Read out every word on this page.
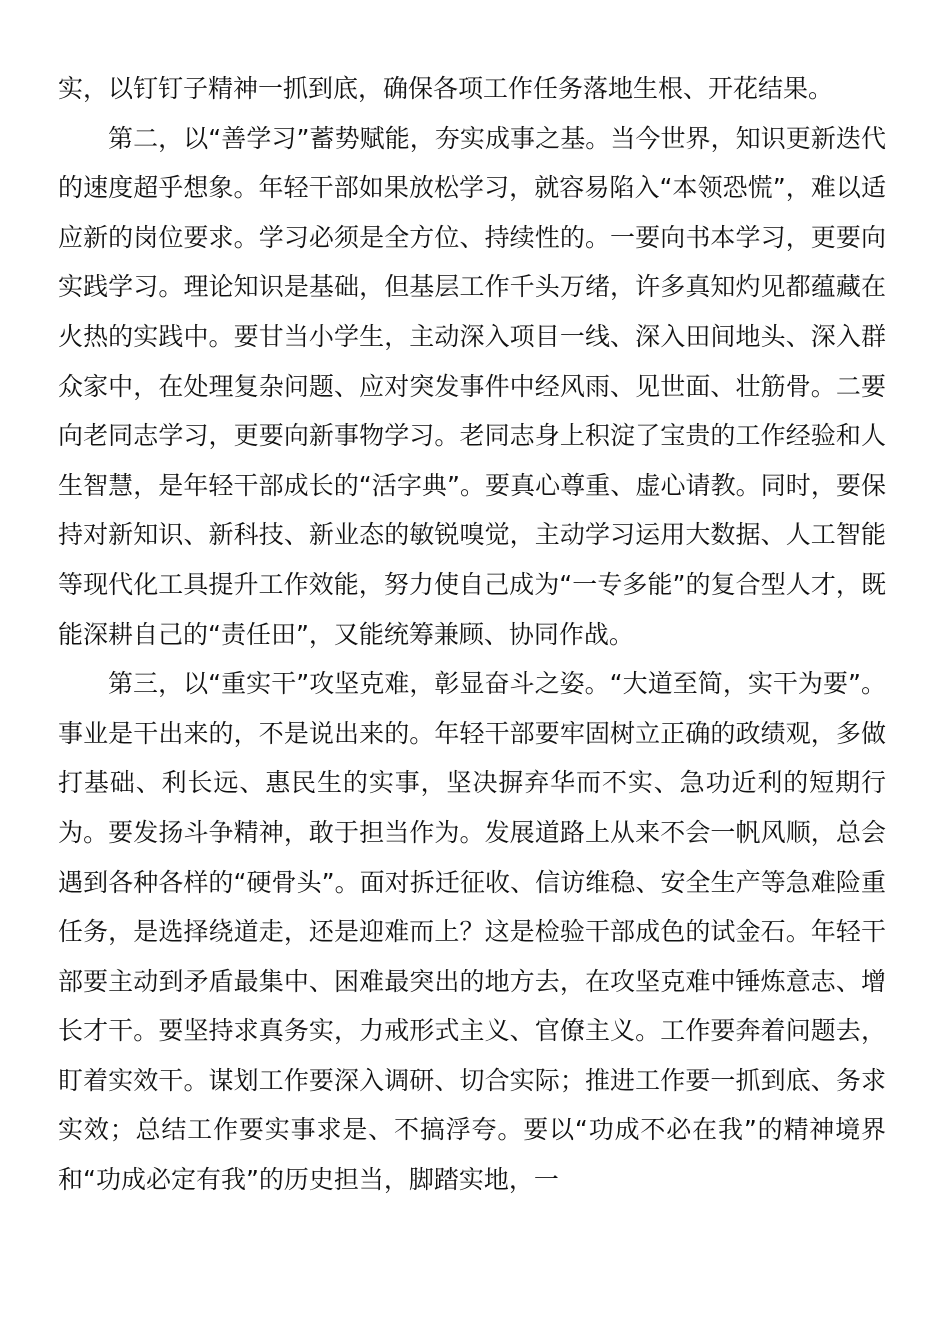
实，以钉钉子精神一抓到底，确保各项工作任务落地生根、开花结果。

第二，以“善学习”蓄势赋能，夯实成事之基。当今世界，知识更新迭代的速度超乎想象。年轻干部如果放松学习，就容易陷入“本领恐慌”，难以适应新的岗位要求。学习必须是全方位、持续性的。一要向书本学习，更要向实践学习。理论知识是基础，但基层工作千头万绪，许多真知灼见都蕴藏在火热的实践中。要甘当小学生，主动深入项目一线、深入田间地头、深入群众家中，在处理复杂问题、应对突发事件中经风雨、见世面、壮筋骨。二要向老同志学习，更要向新事物学习。老同志身上积淀了宝贵的工作经验和人生智慧，是年轻干部成长的“活字典”。要真心尊重、虚心请教。同时，要保持对新知识、新科技、新业态的敏锐嗅觉，主动学习运用大数据、人工智能等现代化工具提升工作效能，努力使自己成为“一专多能”的复合型人才，既能深耕自己的“责任田”，又能统筹兼顾、协同作战。

第三，以“重实干”攻坚克难，彰显奋斗之姿。“大道至简，实干为要”。事业是干出来的，不是说出来的。年轻干部要牢固树立正确的政绩观，多做打基础、利长远、惠民生的实事，坚决摒弃华而不实、急功近利的短期行为。要发扬斗争精神，敢于担当作为。发展道路上从来不会一帆风顺，总会遇到各种各样的“硬骨头”。面对拆迁征收、信访维稳、安全生产等急难险重任务，是选择绕道走，还是迎难而上？这是检验干部成色的试金石。年轻干部要主动到矛盾最集中、困难最突出的地方去，在攻坚克难中锤炼意志、增长才干。要坚持求真务实，力戒形式主义、官僚主义。工作要奔着问题去，盯着实效干。谋划工作要深入调研、切合实际；推进工作要一抓到底、务求实效；总结工作要实事求是、不搞浮夸。要以“功成不必在我”的精神境界和“功成必定有我”的历史担当，脚踏实地，一
